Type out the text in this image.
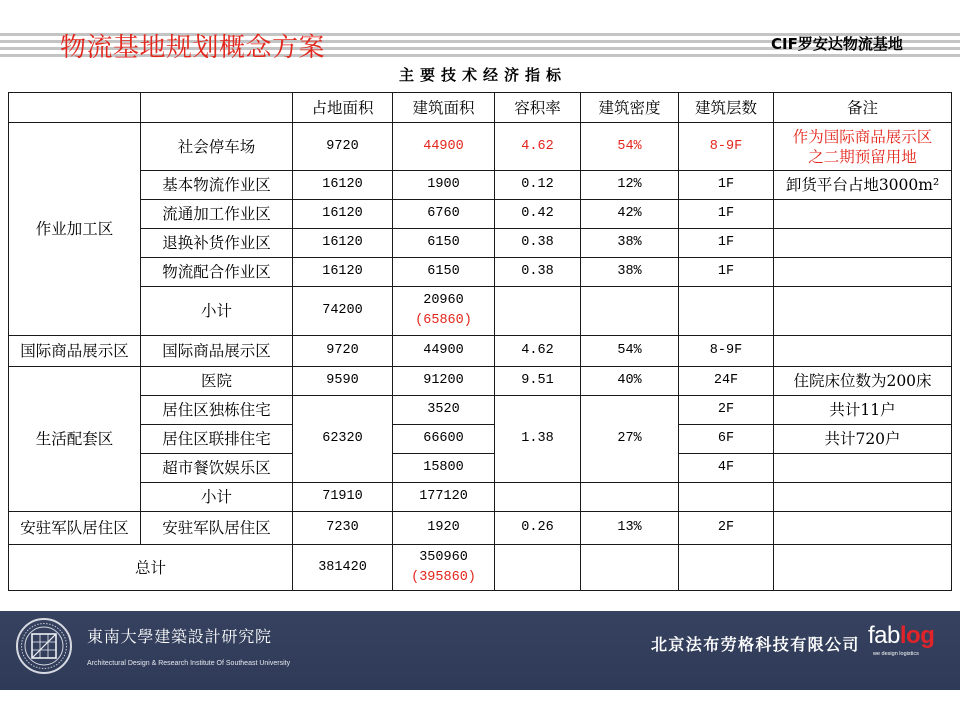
物流基地规划概念方案	CIF罗安达物流基地
主要技术经济指标
		占地面积	建筑面积	容积率	建筑密度	建筑层数	备注
作业加工区	社会停车场	9720	44900	4.62	54%	8-9F	作为国际商品展示区
之二期预留用地

	基本物流作业区	16120	1900	0.12	12%	1F	卸货平台占地3000m²
	流通加工作业区	16120	6760	0.42	42%	1F	
	退换补货作业区	16120	6150	0.38	38%	1F	
	物流配合作业区	16120	6150	0.38	38%	1F	
	小计	74200	20960
(65860)				

国际商品展示区	国际商品展示区	9720	44900	4.62	54%	8-9F	
生活配套区	医院	9590	91200	9.51	40%	24F	住院床位数为200床
	居住区独栋住宅	62320	3520	1.38	27%	2F	共计11户
	居住区联排住宅		66600			6F	共计720户
	超市餐饮娱乐区		15800			4F	
	小计	71910	177120				
安驻军队居住区	安驻军队居住区	7230	1920	0.26	13%	2F	
总计		381420	350960
(395860)				

東南大學建築設計研究院
Architectural Design & Research Institute Of Southeast University
北京法布劳格科技有限公司 fablog
we design logistics
